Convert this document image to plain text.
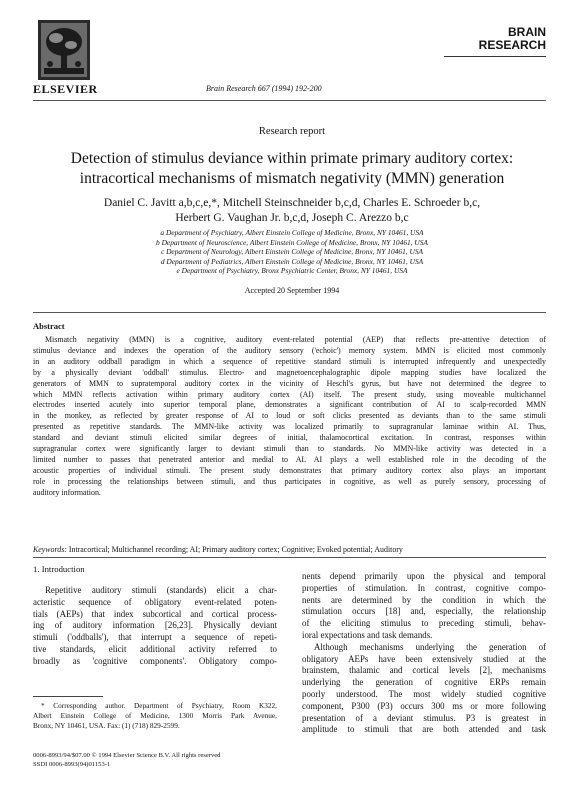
ELSEVIER	Brain Research 667 (1994) 192-200
BRAIN
RESEARCH
Research report
Detection of stimulus deviance within primate primary auditory cortex:
intracortical mechanisms of mismatch negativity (MMN) generation
Daniel C. Javitt a,b,c,e,*, Mitchell Steinschneider b,c,d, Charles E. Schroeder b,c,
Herbert G. Vaughan Jr. b,c,d, Joseph C. Arezzo b,c
a Department of Psychiatry, Albert Einstein College of Medicine, Bronx, NY 10461, USA
b Department of Neuroscience, Albert Einstein College of Medicine, Bronx, NY 10461, USA
c Department of Neurology, Albert Einstein College of Medicine, Bronx, NY 10461, USA
d Department of Pediatrics, Albert Einstein College of Medicine, Bronx, NY 10461, USA
e Department of Psychiatry, Bronx Psychiatric Center, Bronx, NY 10461, USA
Accepted 20 September 1994
Abstract
Mismatch negativity (MMN) is a cognitive, auditory event-related potential (AEP) that reflects pre-attentive detection of
stimulus deviance and indexes the operation of the auditory sensory ('echoic') memory system. MMN is elicited most commonly
in an auditory oddball paradigm in which a sequence of repetitive standard stimuli is interrupted infrequently and unexpectedly
by a physically deviant 'oddball' stimulus. Electro- and magnetoencephalographic dipole mapping studies have localized the
generators of MMN to supratemporal auditory cortex in the vicinity of Heschl's gyrus, but have not determined the degree to
which MMN reflects activation within primary auditory cortex (AI) itself. The present study, using moveable multichannel
electrodes inserted acutely into superior temporal plane, demonstrates a significant contribution of AI to scalp-recorded MMN
in the monkey, as reflected by greater response of AI to loud or soft clicks presented as deviants than to the same stimuli
presented as repetitive standards. The MMN-like activity was localized primarily to supragranular laminae within AI. Thus,
standard and deviant stimuli elicited similar degrees of initial, thalamocortical excitation. In contrast, responses within
supragranular cortex were significantly larger to deviant stimuli than to standards. No MMN-like activity was detected in a
limited number to passes that penetrated anterior and medial to AI. AI plays a well established role in the decoding of the
acoustic properties of individual stimuli. The present study demonstrates that primary auditory cortex also plays an important
role in processing the relationships between stimuli, and thus participates in cognitive, as well as purely sensory, processing of
auditory information.
Keywords: Intracortical; Multichannel recording; AI; Primary auditory cortex; Cognitive; Evoked potential; Auditory
1. Introduction
Repetitive auditory stimuli (standards) elicit a char-
acteristic sequence of obligatory event-related poten-
tials (AEPs) that index subcortical and cortical process-
ing of auditory information [26,23]. Physically deviant
stimuli ('oddballs'), that interrupt a sequence of repeti-
tive standards, elicit additional activity referred to
broadly as 'cognitive components'. Obligatory compo-
nents depend primarily upon the physical and temporal
properties of stimulation. In contrast, cognitive compo-
nents are determined by the condition in which the
stimulation occurs [18] and, especially, the relationship
of the eliciting stimulus to preceding stimuli, behav-
ioral expectations and task demands.
Although mechanisms underlying the generation of
obligatory AEPs have been extensively studied at the
brainstem, thalamic and cortical levels [2], mechanisms
underlying the generation of cognitive ERPs remain
poorly understood. The most widely studied cognitive
component, P300 (P3) occurs 300 ms or more following
presentation of a deviant stimulus. P3 is greatest in
amplitude to stimuli that are both attended and task
* Corresponding author. Department of Psychiatry, Room K322,
Albert Einstein College of Medicine, 1300 Morris Park Avenue,
Bronx, NY 10461, USA. Fax: (1) (718) 829-2599.
0006-8993/94/$07.00 © 1994 Elsevier Science B.V. All rights reserved
SSDI 0006-8993(94)01153-1
